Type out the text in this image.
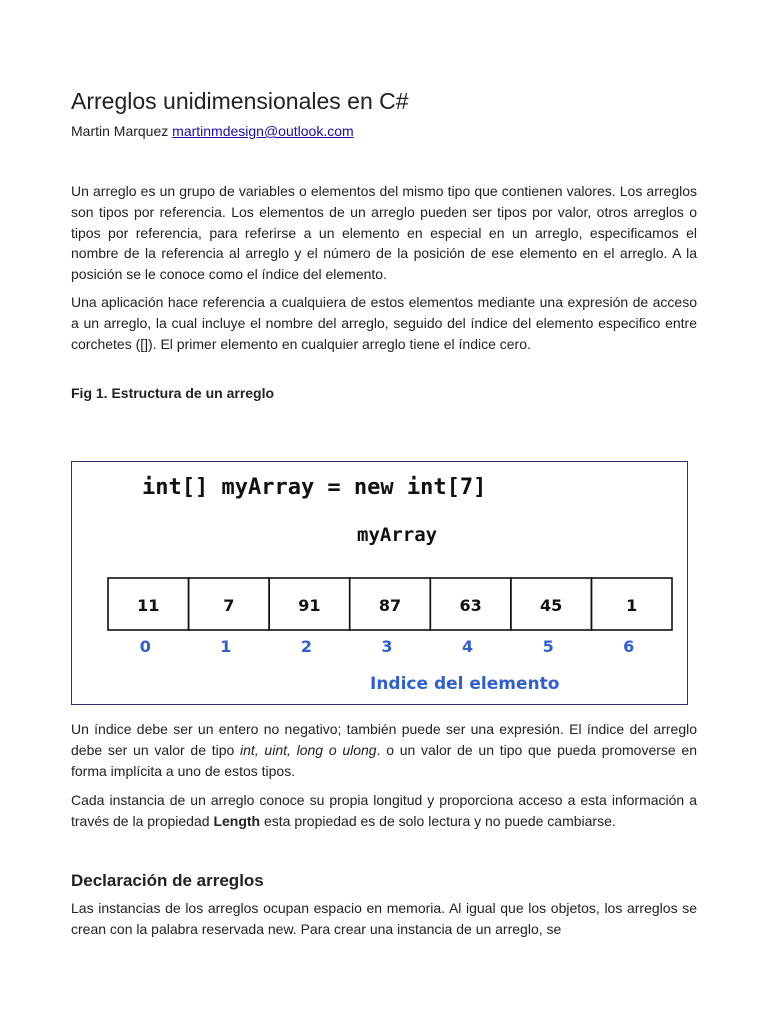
Arreglos unidimensionales en C#
Martin Marquez martinmdesign@outlook.com

Un arreglo es un grupo de variables o elementos del mismo tipo que contienen valores. Los arreglos son tipos por referencia. Los elementos de un arreglo pueden ser tipos por valor, otros arreglos o tipos por referencia, para referirse a un elemento en especial en un arreglo, especificamos el nombre de la referencia al arreglo y el número de la posición de ese elemento en el arreglo. A la posición se le conoce como el índice del elemento.

Una aplicación hace referencia a cualquiera de estos elementos mediante una expresión de acceso a un arreglo, la cual incluye el nombre del arreglo, seguido del índice del elemento especifico entre corchetes ([]). El primer elemento en cualquier arreglo tiene el índice cero.

Fig 1. Estructura de un arreglo
int[] myArray = new int[7]
myArray
11	7	91	87	63	45	1
0	1	2	3	4	5	6
Indice del elemento

Un índice debe ser un entero no negativo; también puede ser una expresión. El índice del arreglo debe ser un valor de tipo int, uint, long o ulong. o un valor de un tipo que pueda promoverse en forma implícita a uno de estos tipos.

Cada instancia de un arreglo conoce su propia longitud y proporciona acceso a esta información a través de la propiedad Length esta propiedad es de solo lectura y no puede cambiarse.

Declaración de arreglos

Las instancias de los arreglos ocupan espacio en memoria. Al igual que los objetos, los arreglos se crean con la palabra reservada new. Para crear una instancia de un arreglo, se
